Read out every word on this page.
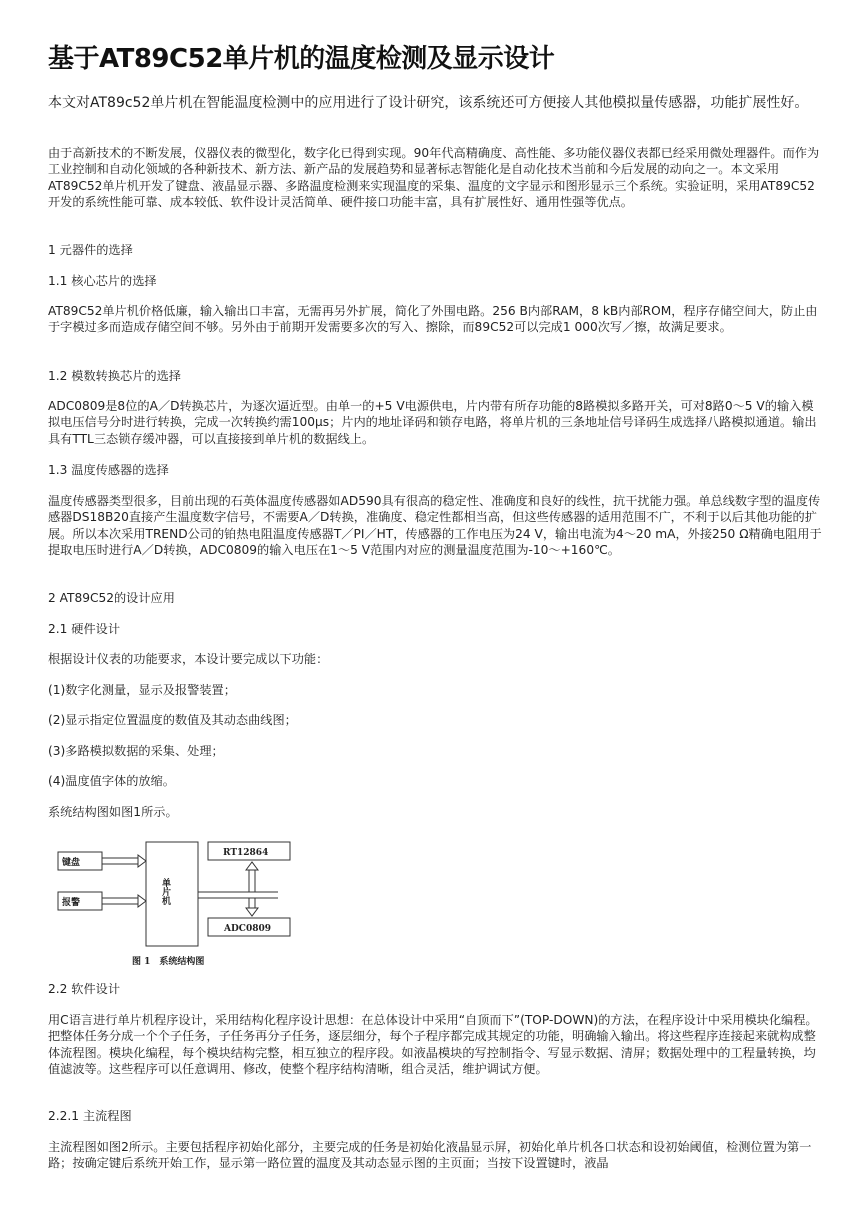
基于AT89C52单片机的温度检测及显示设计

本文对AT89c52单片机在智能温度检测中的应用进行了设计研究，该系统还可方便接人其他模拟量传感器，功能扩展性好。

由于高新技术的不断发展，仪器仪表的微型化，数字化已得到实现。90年代高精确度、高性能、多功能仪器仪表都已经采用微处理器件。而作为工业控制和自动化领域的各种新技术、新方法、新产品的发展趋势和显著标志智能化是自动化技术当前和今后发展的动向之一。本文采用AT89C52单片机开发了键盘、液晶显示器、多路温度检测来实现温度的采集、温度的文字显示和图形显示三个系统。实验证明，采用AT89C52开发的系统性能可靠、成本较低、软件设计灵活简单、硬件接口功能丰富，具有扩展性好、通用性强等优点。

1 元器件的选择

1.1 核心芯片的选择

AT89C52单片机价格低廉，输入输出口丰富，无需再另外扩展，简化了外围电路。256 B内部RAM，8 kB内部ROM，程序存储空间大，防止由于字模过多而造成存储空间不够。另外由于前期开发需要多次的写入、擦除，而89C52可以完成1 000次写／擦，故满足要求。

1.2 模数转换芯片的选择

ADC0809是8位的A／D转换芯片，为逐次逼近型。由单一的+5 V电源供电，片内带有所存功能的8路模拟多路开关，可对8路0～5 V的输入模拟电压信号分时进行转换，完成一次转换约需100μs；片内的地址译码和锁存电路，将单片机的三条地址信号译码生成选择八路模拟通道。输出具有TTL三态锁存缓冲器，可以直接接到单片机的数据线上。

1.3 温度传感器的选择

温度传感器类型很多，目前出现的石英体温度传感器如AD590具有很高的稳定性、准确度和良好的线性，抗干扰能力强。单总线数字型的温度传感器DS18B20直接产生温度数字信号，不需要A／D转换，准确度、稳定性都相当高，但这些传感器的适用范围不广，不利于以后其他功能的扩展。所以本次采用TREND公司的铂热电阻温度传感器T／PI／HT，传感器的工作电压为24 V，输出电流为4～20 mA，外接250 Ω精确电阻用于提取电压时进行A／D转换，ADC0809的输入电压在1～5 V范围内对应的测量温度范围为-10～+160℃。

2 AT89C52的设计应用

2.1 硬件设计

根据设计仪表的功能要求，本设计要完成以下功能：

(1)数字化测量，显示及报警装置；

(2)显示指定位置温度的数值及其动态曲线图；

(3)多路模拟数据的采集、处理；

(4)温度值字体的放缩。

系统结构图如图1所示。

键盘
报警	单片机
RT12864
ADC0809
图 1　系统结构图

2.2 软件设计

用C语言进行单片机程序设计，采用结构化程序设计思想：在总体设计中采用“自顶而下”(TOP-DOWN)的方法，在程序设计中采用模块化编程。把整体任务分成一个个子任务，子任务再分子任务，逐层细分，每个子程序都完成其规定的功能，明确输入输出。将这些程序连接起来就构成整体流程图。模块化编程，每个模块结构完整，相互独立的程序段。如液晶模块的写控制指令、写显示数据、清屏；数据处理中的工程量转换，均值滤波等。这些程序可以任意调用、修改，使整个程序结构清晰，组合灵活，维护调试方便。

2.2.1 主流程图

主流程图如图2所示。主要包括程序初始化部分，主要完成的任务是初始化液晶显示屏，初始化单片机各口状态和设初始阈值，检测位置为第一路；按确定键后系统开始工作，显示第一路位置的温度及其动态显示图的主页面；当按下设置键时，液晶
